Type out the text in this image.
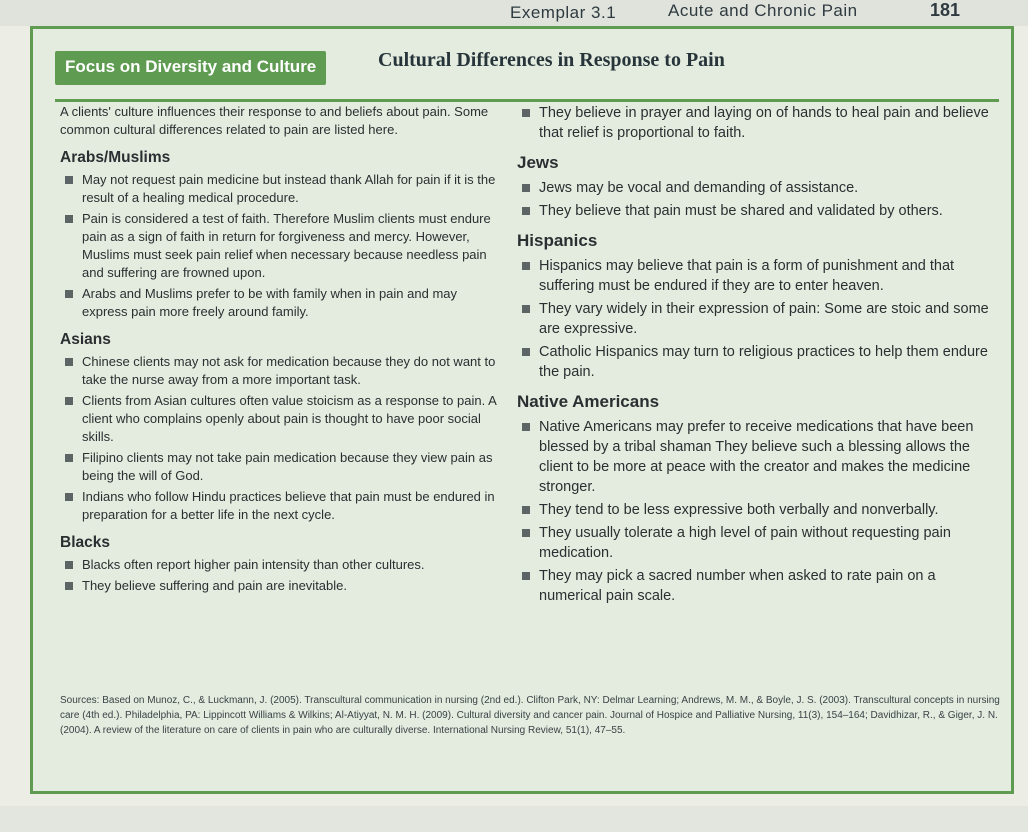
Exemplar 3.1	Acute and Chronic Pain	181
Focus on Diversity and Culture	Cultural Differences in Response to Pain

A clients' culture influences their response to and beliefs about pain. Some common cultural differences related to pain are listed here.

Arabs/Muslims
May not request pain medicine but instead thank Allah for pain if it is the result of a healing medical procedure.
Pain is considered a test of faith. Therefore Muslim clients must endure pain as a sign of faith in return for forgiveness and mercy. However, Muslims must seek pain relief when necessary because needless pain and suffering are frowned upon.
Arabs and Muslims prefer to be with family when in pain and may express pain more freely around family.
Asians
Chinese clients may not ask for medication because they do not want to take the nurse away from a more important task.
Clients from Asian cultures often value stoicism as a response to pain. A client who complains openly about pain is thought to have poor social skills.
Filipino clients may not take pain medication because they view pain as being the will of God.
Indians who follow Hindu practices believe that pain must be endured in preparation for a better life in the next cycle.
Blacks
Blacks often report higher pain intensity than other cultures.
They believe suffering and pain are inevitable.
They believe in prayer and laying on of hands to heal pain and believe that relief is proportional to faith.
Jews
Jews may be vocal and demanding of assistance.
They believe that pain must be shared and validated by others.
Hispanics
Hispanics may believe that pain is a form of punishment and that suffering must be endured if they are to enter heaven.
They vary widely in their expression of pain: Some are stoic and some are expressive.
Catholic Hispanics may turn to religious practices to help them endure the pain.
Native Americans
Native Americans may prefer to receive medications that have been blessed by a tribal shaman They believe such a blessing allows the client to be more at peace with the creator and makes the medicine stronger.
They tend to be less expressive both verbally and nonverbally.
They usually tolerate a high level of pain without requesting pain medication.
They may pick a sacred number when asked to rate pain on a numerical pain scale.
Sources: Based on Munoz, C., & Luckmann, J. (2005). Transcultural communication in nursing (2nd ed.). Clifton Park, NY: Delmar Learning; Andrews, M. M., & Boyle, J. S. (2003). Transcultural concepts in nursing care (4th ed.). Philadelphia, PA: Lippincott Williams & Wilkins; Al-Atiyyat, N. M. H. (2009). Cultural diversity and cancer pain. Journal of Hospice and Palliative Nursing, 11(3), 154–164; Davidhizar, R., & Giger, J. N. (2004). A review of the literature on care of clients in pain who are culturally diverse. International Nursing Review, 51(1), 47–55.
